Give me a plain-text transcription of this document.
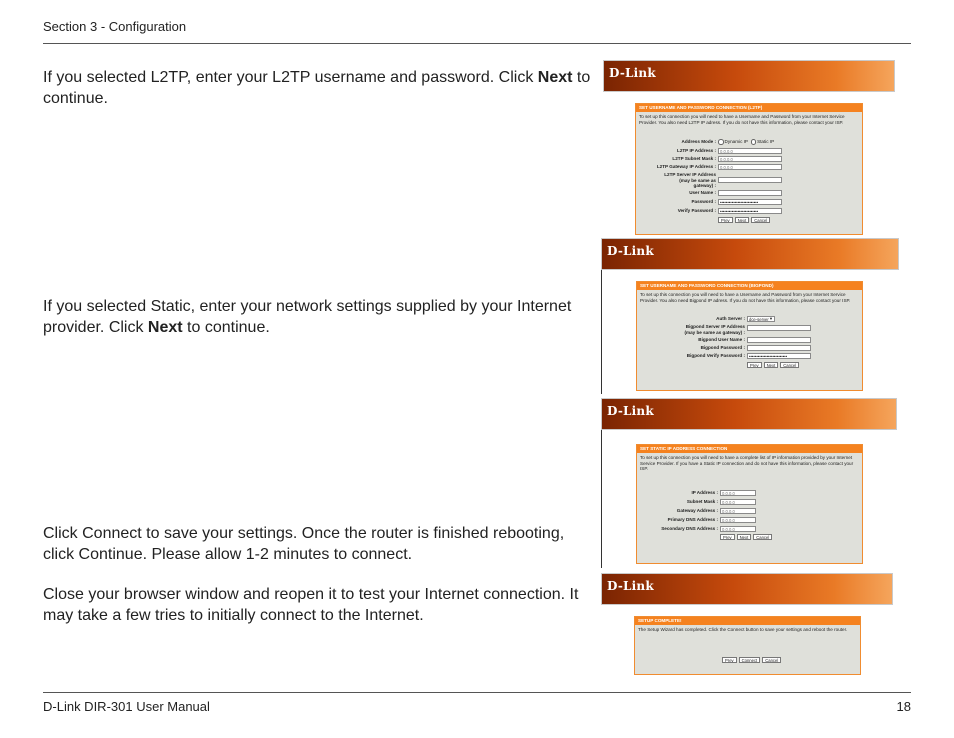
Section 3 - Configuration
If you selected L2TP, enter your L2TP username and password. Click Next to continue.
If you selected Static, enter your network settings supplied by your Internet provider. Click Next to continue.
Click Connect to save your settings. Once the router is finished rebooting, click Continue. Please allow 1-2 minutes to connect.
Close your browser window and reopen it to test your Internet connection. It may take a few tries to initially connect to the Internet.
D-Link
SET USERNAME AND PASSWORD CONNECTION (L2TP)
To set up this connection you will need to have a Username and Password from your Internet Service Provider. You also need L2TP IP adress. If you do not have this information, please contact your ISP.
Address Mode :	Dynamic IP Static IP
L2TP IP Address : 0.0.0.0
L2TP Subnet Mask : 0.0.0.0
L2TP Gateway IP Address : 0.0.0.0
L2TP Server IP Address (may be same as gateway) :
User Name :
Password : ••••••••••••••••••••••••••
Verify Password : ••••••••••••••••••••••••••
Prev Next Cancel
D-Link
SET USERNAME AND PASSWORD CONNECTION (BIGPOND)
To set up this connection you will need to have a Username and Password from your Internet Service Provider. You also need Bigpond IP adress. If you do not have this information, please contact your ISP.
Auth Server : dce-server ▼
Bigpond Server IP Address (may be same as gateway) :
Bigpond User Name :
Bigpond Password :
Bigpond Verify Password : ••••••••••••••••••••••••••
Prev Next Cancel
D-Link
SET STATIC IP ADDRESS CONNECTION
To set up this connection you will need to have a complete list of IP information provided by your Internet Service Provider. If you have a Static IP connection and do not have this information, please contact your ISP.
IP Address : 0.0.0.0
Subnet Mask : 0.0.0.0
Gateway Address : 0.0.0.0
Primary DNS Address : 0.0.0.0
Secondary DNS Address : 0.0.0.0
Prev Next Cancel
D-Link
SETUP COMPLETE!
The Setup Wizard has completed. Click the Connect button to save your settings and reboot the router.
Prev Connect Cancel
D-Link DIR-301 User Manual	18
